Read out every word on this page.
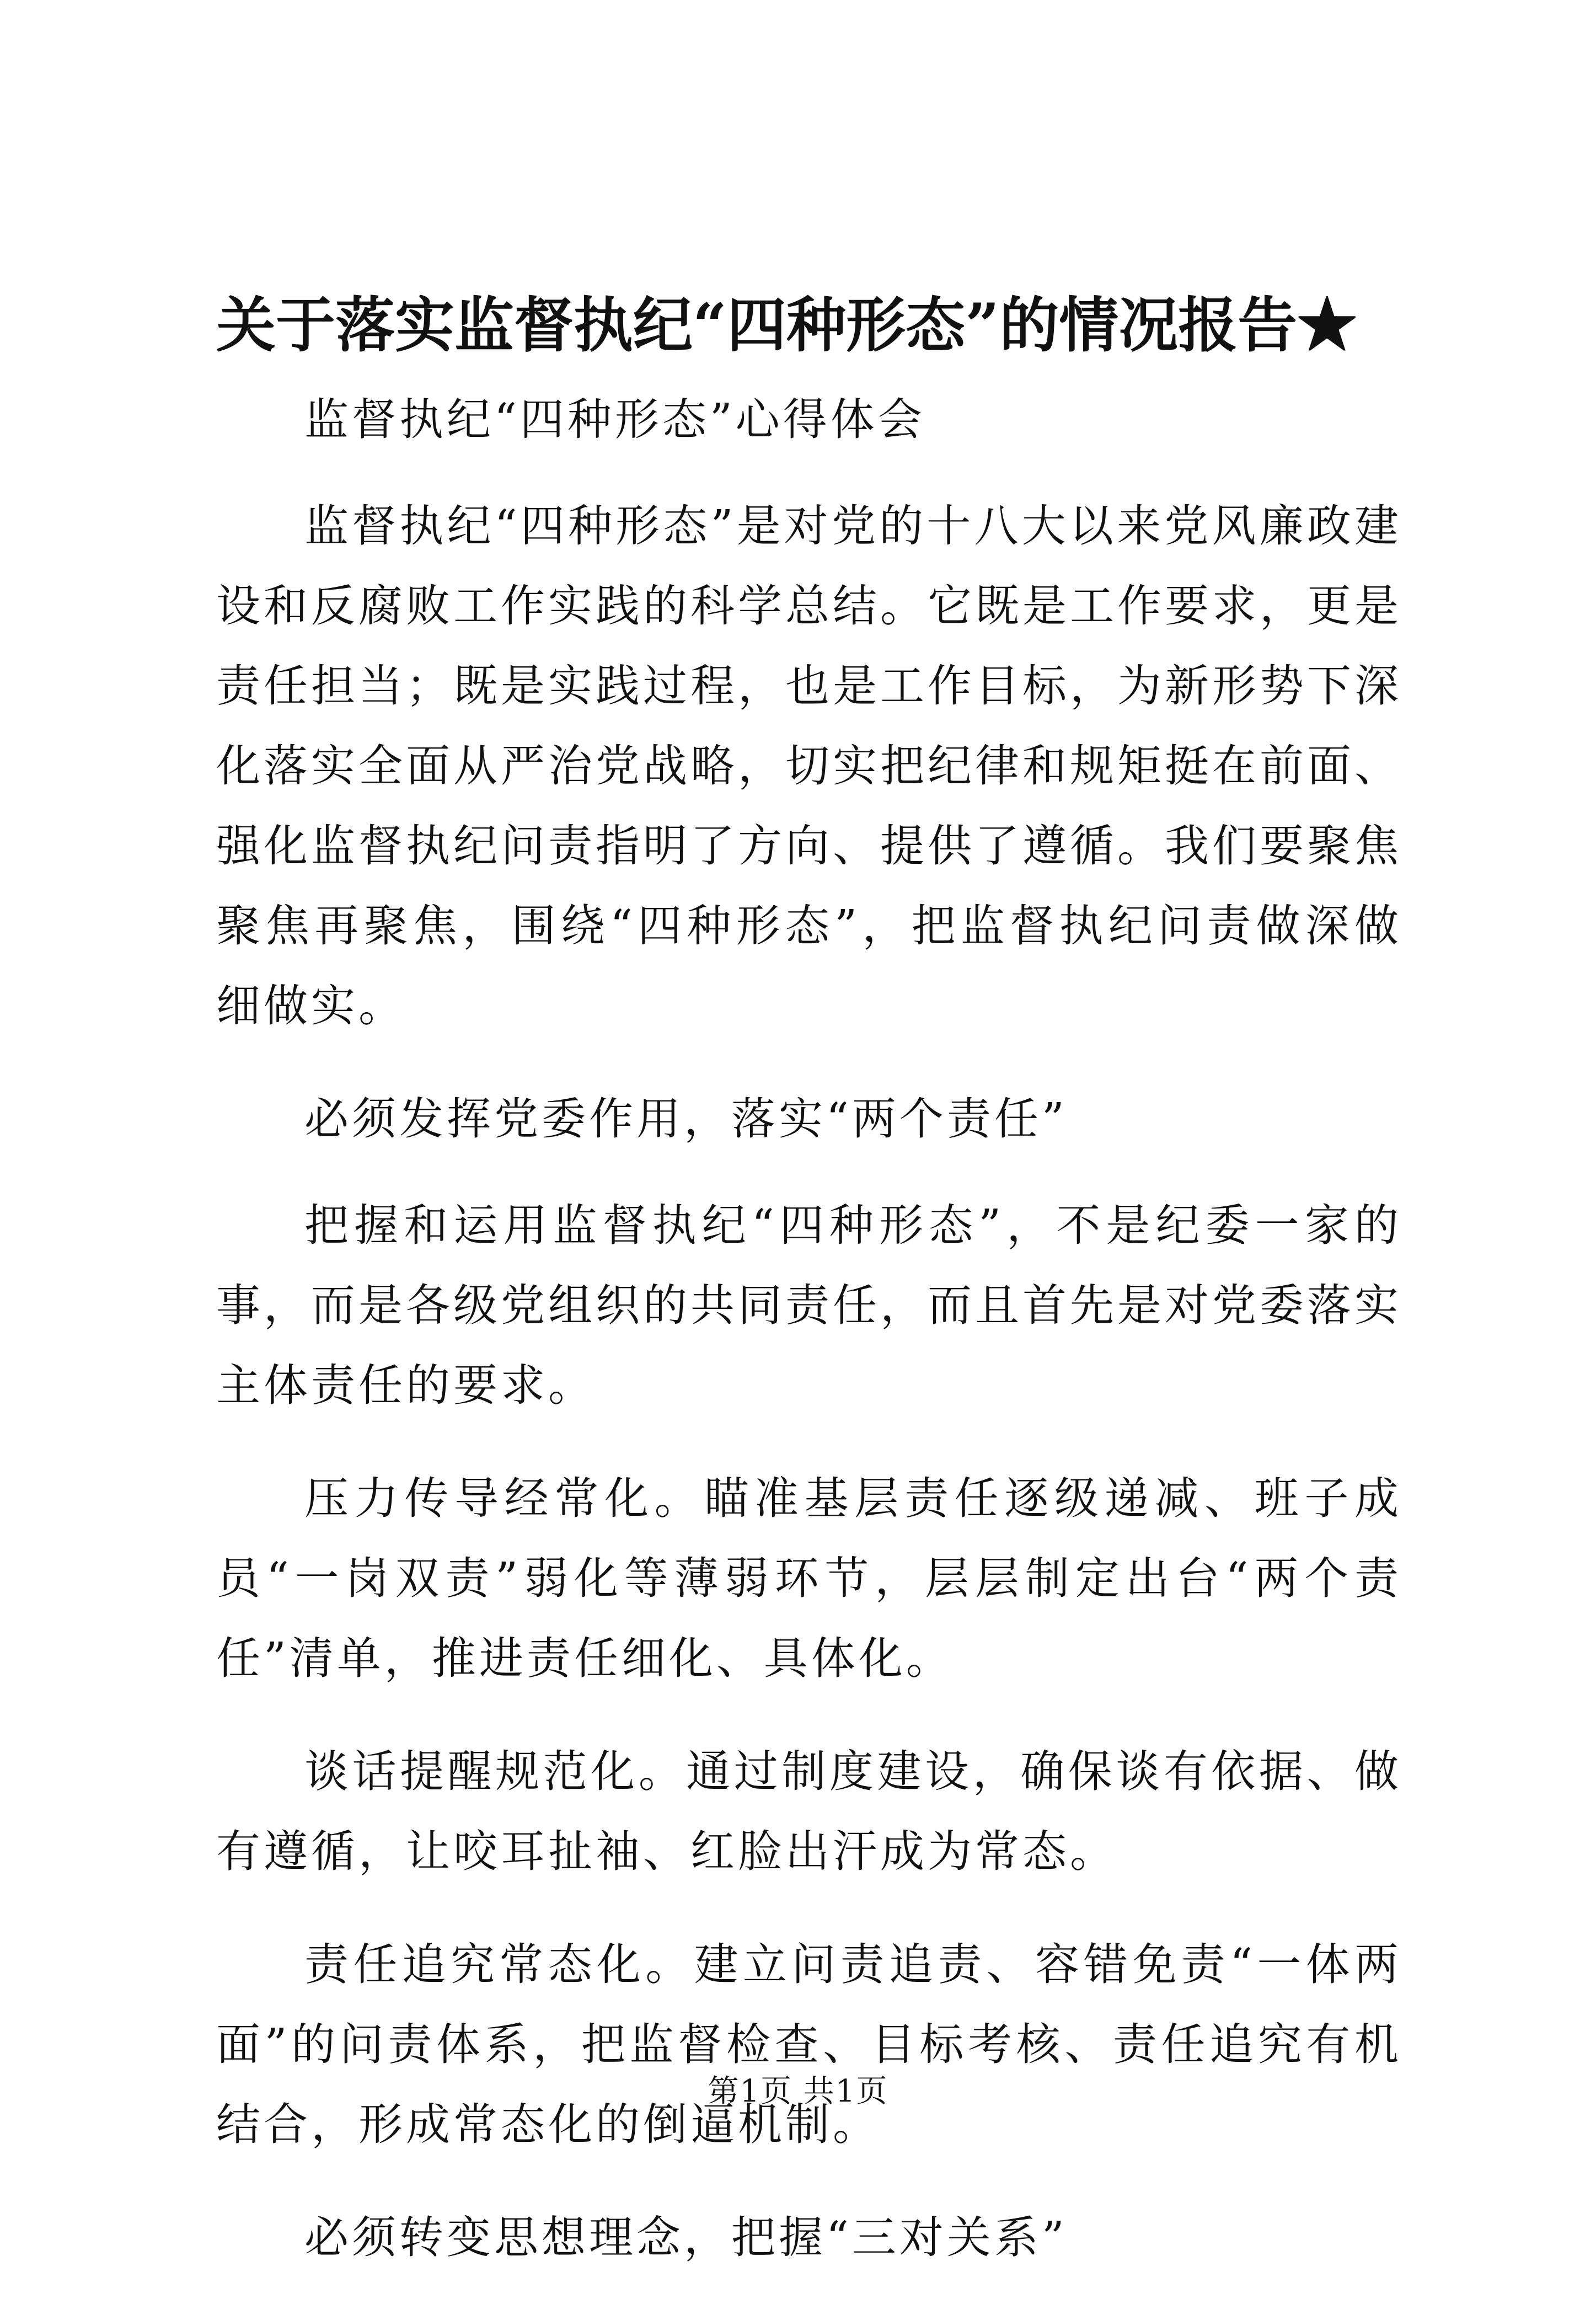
关于落实监督执纪“四种形态”的情况报告★

监督执纪“四种形态”心得体会

监督执纪“四种形态”是对党的十八大以来党风廉政建设和反腐败工作实践的科学总结。它既是工作要求，更是责任担当；既是实践过程，也是工作目标，为新形势下深化落实全面从严治党战略，切实把纪律和规矩挺在前面、强化监督执纪问责指明了方向、提供了遵循。我们要聚焦聚焦再聚焦，围绕“四种形态”，把监督执纪问责做深做细做实。

必须发挥党委作用，落实“两个责任”

把握和运用监督执纪“四种形态”，不是纪委一家的事，而是各级党组织的共同责任，而且首先是对党委落实主体责任的要求。

压力传导经常化。瞄准基层责任逐级递减、班子成员“一岗双责”弱化等薄弱环节，层层制定出台“两个责任”清单，推进责任细化、具体化。

谈话提醒规范化。通过制度建设，确保谈有依据、做有遵循，让咬耳扯袖、红脸出汗成为常态。

责任追究常态化。建立问责追责、容错免责“一体两面”的问责体系，把监督检查、目标考核、责任追究有机结合，形成常态化的倒逼机制。

必须转变思想理念，把握“三对关系”

第1页 共1页
